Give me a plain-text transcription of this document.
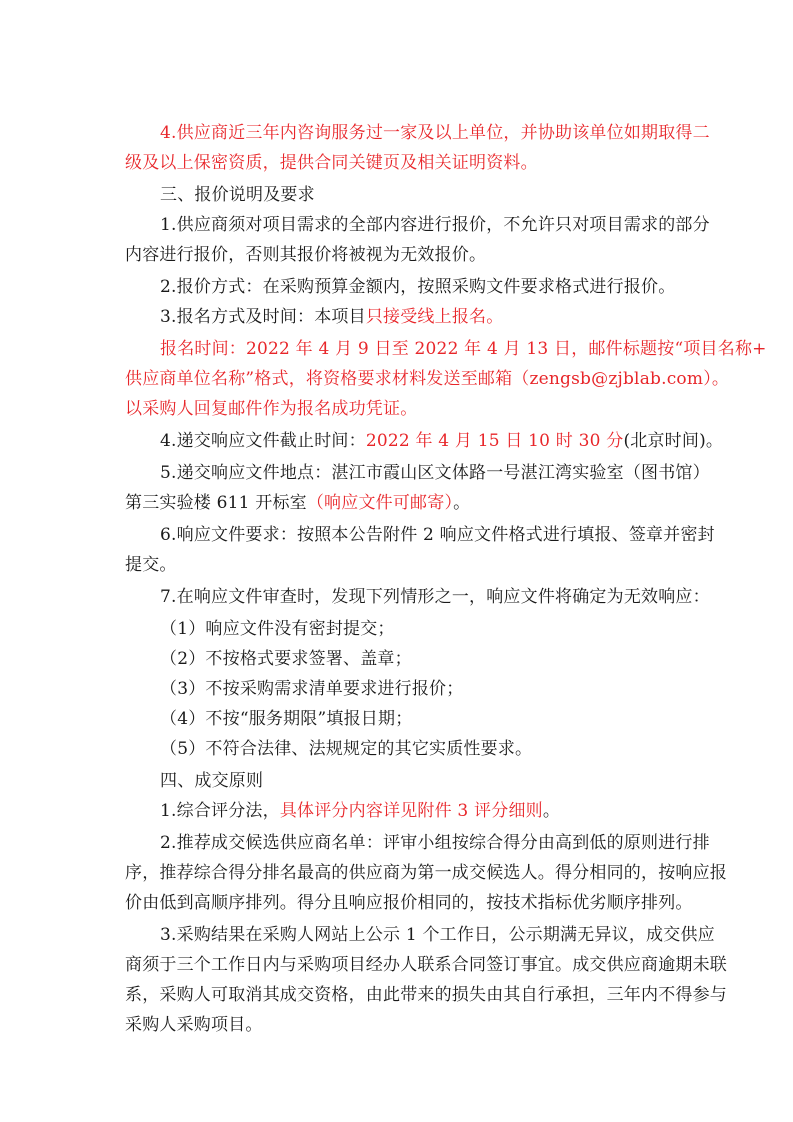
4.供应商近三年内咨询服务过一家及以上单位，并协助该单位如期取得二
级及以上保密资质，提供合同关键页及相关证明资料。
三、报价说明及要求
1.供应商须对项目需求的全部内容进行报价，不允许只对项目需求的部分
内容进行报价，否则其报价将被视为无效报价。
2.报价方式：在采购预算金额内，按照采购文件要求格式进行报价。
3.报名方式及时间：本项目只接受线上报名。
报名时间：2022 年 4 月 9 日至 2022 年 4 月 13 日，邮件标题按“项目名称+
供应商单位名称”格式，将资格要求材料发送至邮箱（zengsb@zjblab.com）。
以采购人回复邮件作为报名成功凭证。
4.递交响应文件截止时间：2022 年 4 月 15 日 10 时 30 分(北京时间)。
5.递交响应文件地点：湛江市霞山区文体路一号湛江湾实验室（图书馆）
第三实验楼 611 开标室（响应文件可邮寄）。
6.响应文件要求：按照本公告附件 2 响应文件格式进行填报、签章并密封
提交。
7.在响应文件审查时，发现下列情形之一，响应文件将确定为无效响应：
（1）响应文件没有密封提交；
（2）不按格式要求签署、盖章；
（3）不按采购需求清单要求进行报价；
（4）不按“服务期限”填报日期；
（5）不符合法律、法规规定的其它实质性要求。
四、成交原则
1.综合评分法，具体评分内容详见附件 3 评分细则。
2.推荐成交候选供应商名单：评审小组按综合得分由高到低的原则进行排
序，推荐综合得分排名最高的供应商为第一成交候选人。得分相同的，按响应报
价由低到高顺序排列。得分且响应报价相同的，按技术指标优劣顺序排列。
3.采购结果在采购人网站上公示 1 个工作日，公示期满无异议，成交供应
商须于三个工作日内与采购项目经办人联系合同签订事宜。成交供应商逾期未联
系，采购人可取消其成交资格，由此带来的损失由其自行承担，三年内不得参与
采购人采购项目。
